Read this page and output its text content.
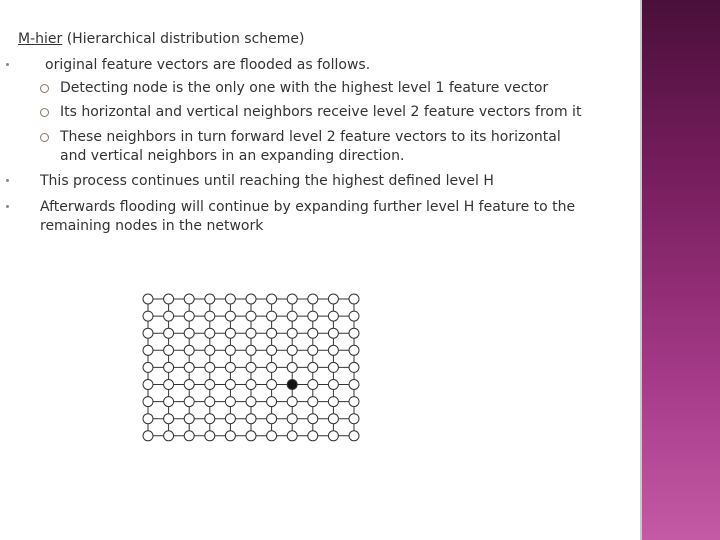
M-hier (Hierarchical distribution scheme)
original feature vectors are flooded as follows.
Detecting node is the only one with the highest level 1 feature vector
Its horizontal and vertical neighbors receive level 2 feature vectors from it
These neighbors in turn forward level 2 feature vectors to its horizontal
and vertical neighbors in an expanding direction.
This process continues until reaching the highest defined level H
Afterwards flooding will continue by expanding further level H feature to the
remaining nodes in the network
